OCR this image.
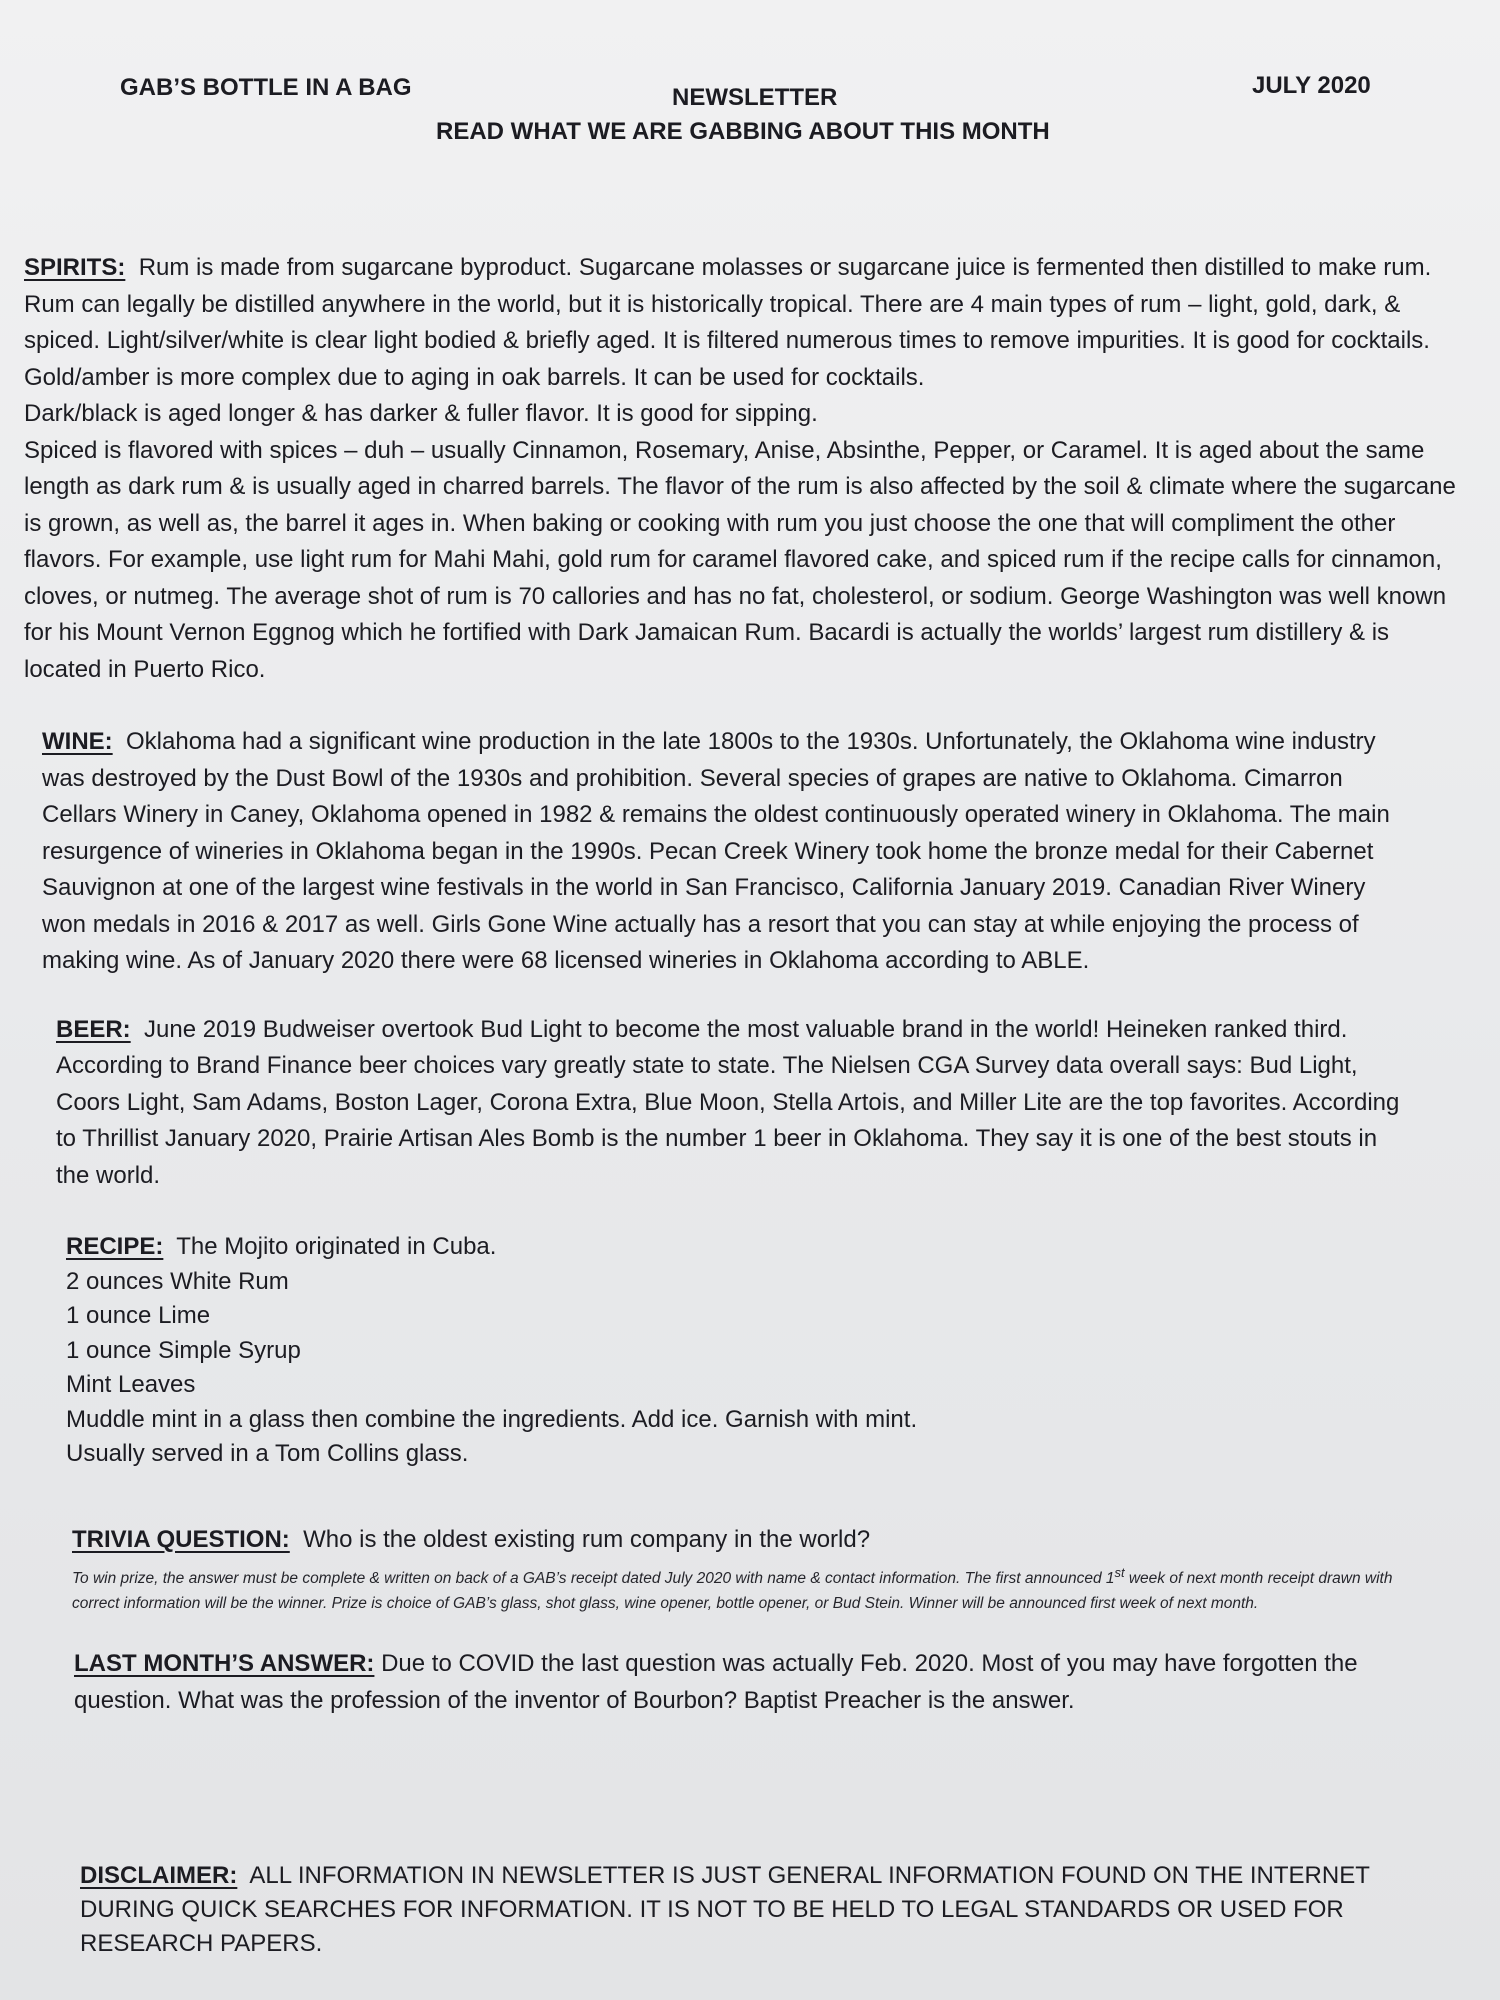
GAB’S BOTTLE IN A BAG	NEWSLETTER	JULY 2020
READ WHAT WE ARE GABBING ABOUT THIS MONTH
SPIRITS: Rum is made from sugarcane byproduct. Sugarcane molasses or sugarcane juice is fermented then distilled to make rum. Rum can legally be distilled anywhere in the world, but it is historically tropical. There are 4 main types of rum – light, gold, dark, & spiced. Light/silver/white is clear light bodied & briefly aged. It is filtered numerous times to remove impurities. It is good for cocktails.
Gold/amber is more complex due to aging in oak barrels. It can be used for cocktails.
Dark/black is aged longer & has darker & fuller flavor. It is good for sipping.
Spiced is flavored with spices – duh – usually Cinnamon, Rosemary, Anise, Absinthe, Pepper, or Caramel. It is aged about the same length as dark rum & is usually aged in charred barrels. The flavor of the rum is also affected by the soil & climate where the sugarcane is grown, as well as, the barrel it ages in. When baking or cooking with rum you just choose the one that will compliment the other flavors. For example, use light rum for Mahi Mahi, gold rum for caramel flavored cake, and spiced rum if the recipe calls for cinnamon, cloves, or nutmeg. The average shot of rum is 70 callories and has no fat, cholesterol, or sodium. George Washington was well known for his Mount Vernon Eggnog which he fortified with Dark Jamaican Rum. Bacardi is actually the worlds’ largest rum distillery & is located in Puerto Rico.
WINE: Oklahoma had a significant wine production in the late 1800s to the 1930s. Unfortunately, the Oklahoma wine industry was destroyed by the Dust Bowl of the 1930s and prohibition. Several species of grapes are native to Oklahoma. Cimarron Cellars Winery in Caney, Oklahoma opened in 1982 & remains the oldest continuously operated winery in Oklahoma. The main resurgence of wineries in Oklahoma began in the 1990s. Pecan Creek Winery took home the bronze medal for their Cabernet Sauvignon at one of the largest wine festivals in the world in San Francisco, California January 2019. Canadian River Winery won medals in 2016 & 2017 as well. Girls Gone Wine actually has a resort that you can stay at while enjoying the process of making wine. As of January 2020 there were 68 licensed wineries in Oklahoma according to ABLE.
BEER: June 2019 Budweiser overtook Bud Light to become the most valuable brand in the world! Heineken ranked third. According to Brand Finance beer choices vary greatly state to state. The Nielsen CGA Survey data overall says: Bud Light, Coors Light, Sam Adams, Boston Lager, Corona Extra, Blue Moon, Stella Artois, and Miller Lite are the top favorites. According to Thrillist January 2020, Prairie Artisan Ales Bomb is the number 1 beer in Oklahoma. They say it is one of the best stouts in the world.
RECIPE: The Mojito originated in Cuba.
2 ounces White Rum
1 ounce Lime
1 ounce Simple Syrup
Mint Leaves
Muddle mint in a glass then combine the ingredients. Add ice. Garnish with mint.
Usually served in a Tom Collins glass.
TRIVIA QUESTION: Who is the oldest existing rum company in the world?
To win prize, the answer must be complete & written on back of a GAB’s receipt dated July 2020 with name & contact information. The first announced 1st week of next month receipt drawn with correct information will be the winner. Prize is choice of GAB’s glass, shot glass, wine opener, bottle opener, or Bud Stein. Winner will be announced first week of next month.
LAST MONTH’S ANSWER: Due to COVID the last question was actually Feb. 2020. Most of you may have forgotten the question. What was the profession of the inventor of Bourbon? Baptist Preacher is the answer.
DISCLAIMER: ALL INFORMATION IN NEWSLETTER IS JUST GENERAL INFORMATION FOUND ON THE INTERNET DURING QUICK SEARCHES FOR INFORMATION. IT IS NOT TO BE HELD TO LEGAL STANDARDS OR USED FOR RESEARCH PAPERS.
